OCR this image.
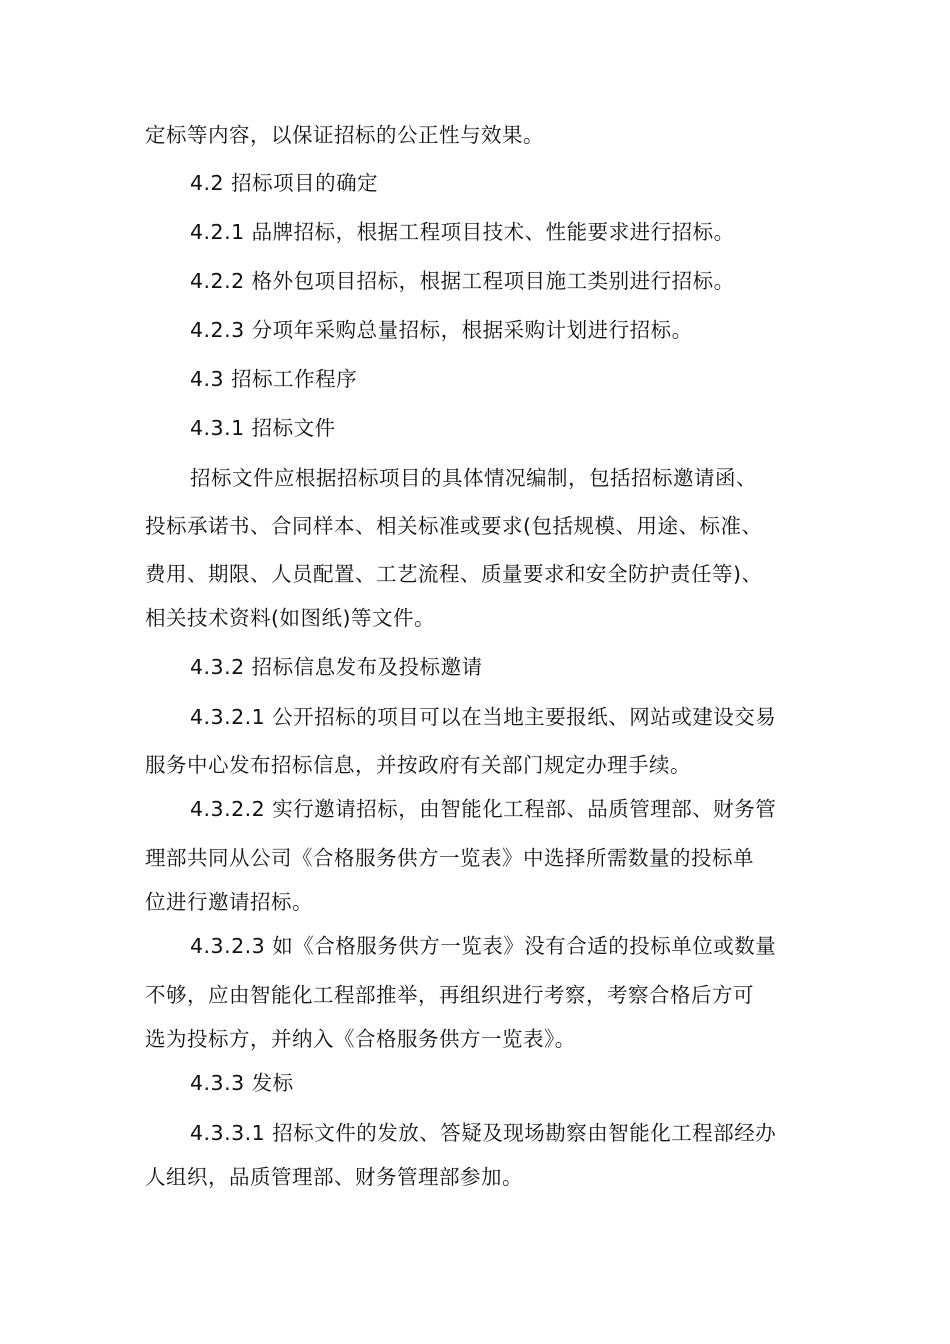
定标等内容，以保证招标的公正性与效果。
4.2 招标项目的确定
4.2.1 品牌招标，根据工程项目技术、性能要求进行招标。
4.2.2 格外包项目招标，根据工程项目施工类别进行招标。
4.2.3 分项年采购总量招标，根据采购计划进行招标。
4.3 招标工作程序
4.3.1 招标文件
招标文件应根据招标项目的具体情况编制，包括招标邀请函、
投标承诺书、合同样本、相关标准或要求(包括规模、用途、标准、
费用、期限、人员配置、工艺流程、质量要求和安全防护责任等)、
相关技术资料(如图纸)等文件。
4.3.2 招标信息发布及投标邀请
4.3.2.1 公开招标的项目可以在当地主要报纸、网站或建设交易
服务中心发布招标信息，并按政府有关部门规定办理手续。
4.3.2.2 实行邀请招标，由智能化工程部、品质管理部、财务管
理部共同从公司《合格服务供方一览表》中选择所需数量的投标单
位进行邀请招标。
4.3.2.3 如《合格服务供方一览表》没有合适的投标单位或数量
不够，应由智能化工程部推举，再组织进行考察，考察合格后方可
选为投标方，并纳入《合格服务供方一览表》。
4.3.3 发标
4.3.3.1 招标文件的发放、答疑及现场勘察由智能化工程部经办
人组织，品质管理部、财务管理部参加。
